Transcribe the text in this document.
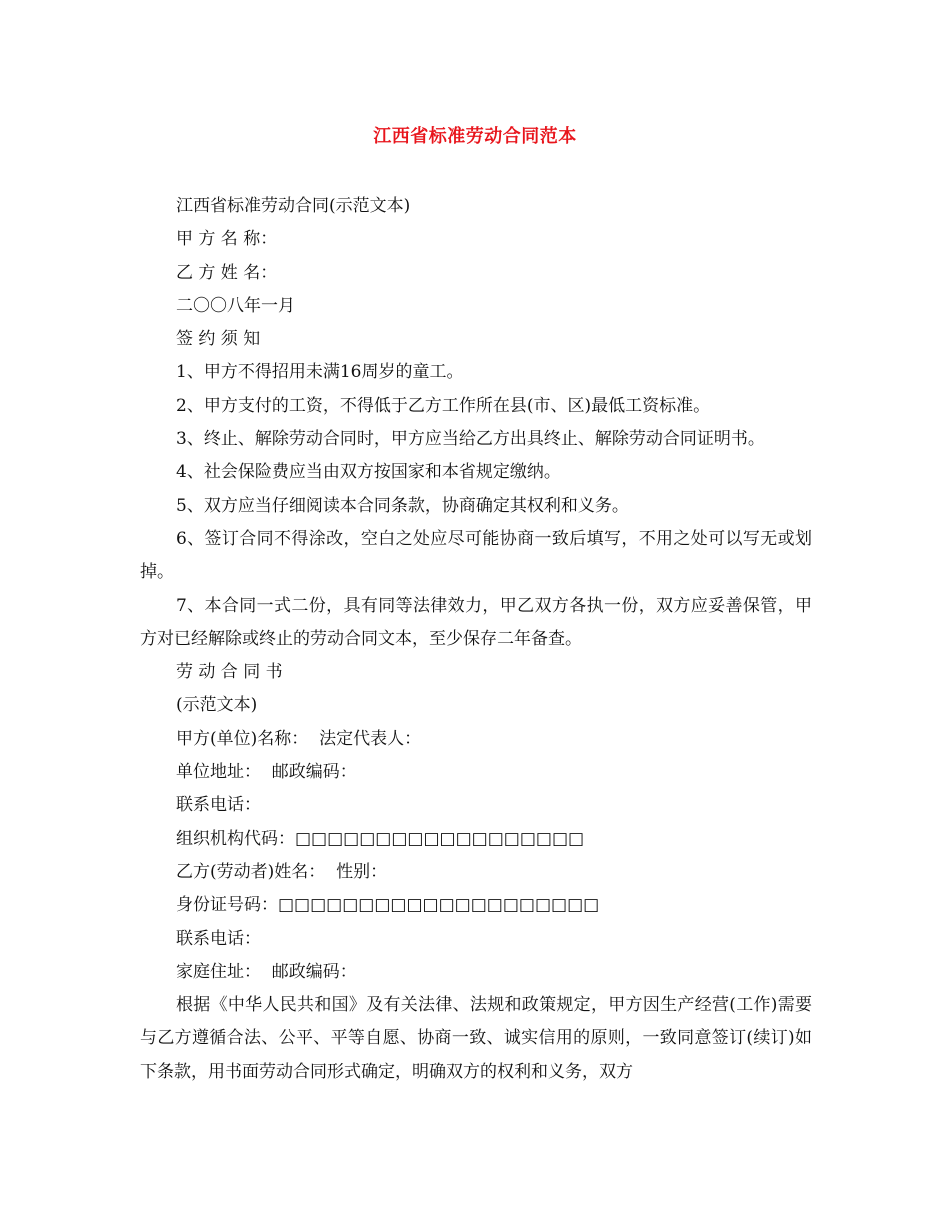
江西省标准劳动合同范本

江西省标准劳动合同(示范文本)

甲 方 名 称：

乙 方 姓 名：

二〇〇八年一月

签 约 须 知

1、甲方不得招用未满16周岁的童工。

2、甲方支付的工资，不得低于乙方工作所在县(市、区)最低工资标准。

3、终止、解除劳动合同时，甲方应当给乙方出具终止、解除劳动合同证明书。

4、社会保险费应当由双方按国家和本省规定缴纳。

5、双方应当仔细阅读本合同条款，协商确定其权利和义务。

6、签订合同不得涂改，空白之处应尽可能协商一致后填写，不用之处可以写无或划掉。

7、本合同一式二份，具有同等法律效力，甲乙双方各执一份，双方应妥善保管，甲方对已经解除或终止的劳动合同文本，至少保存二年备查。

劳 动 合 同 书

(示范文本)

甲方(单位)名称：  法定代表人：

单位地址：  邮政编码：

联系电话：

组织机构代码：□□□□□□□□□□□□□□□□□□

乙方(劳动者)姓名：  性别：

身份证号码：□□□□□□□□□□□□□□□□□□□□

联系电话：

家庭住址：  邮政编码：

根据《中华人民共和国》及有关法律、法规和政策规定，甲方因生产经营(工作)需要与乙方遵循合法、公平、平等自愿、协商一致、诚实信用的原则，一致同意签订(续订)如下条款，用书面劳动合同形式确定，明确双方的权利和义务，双方
